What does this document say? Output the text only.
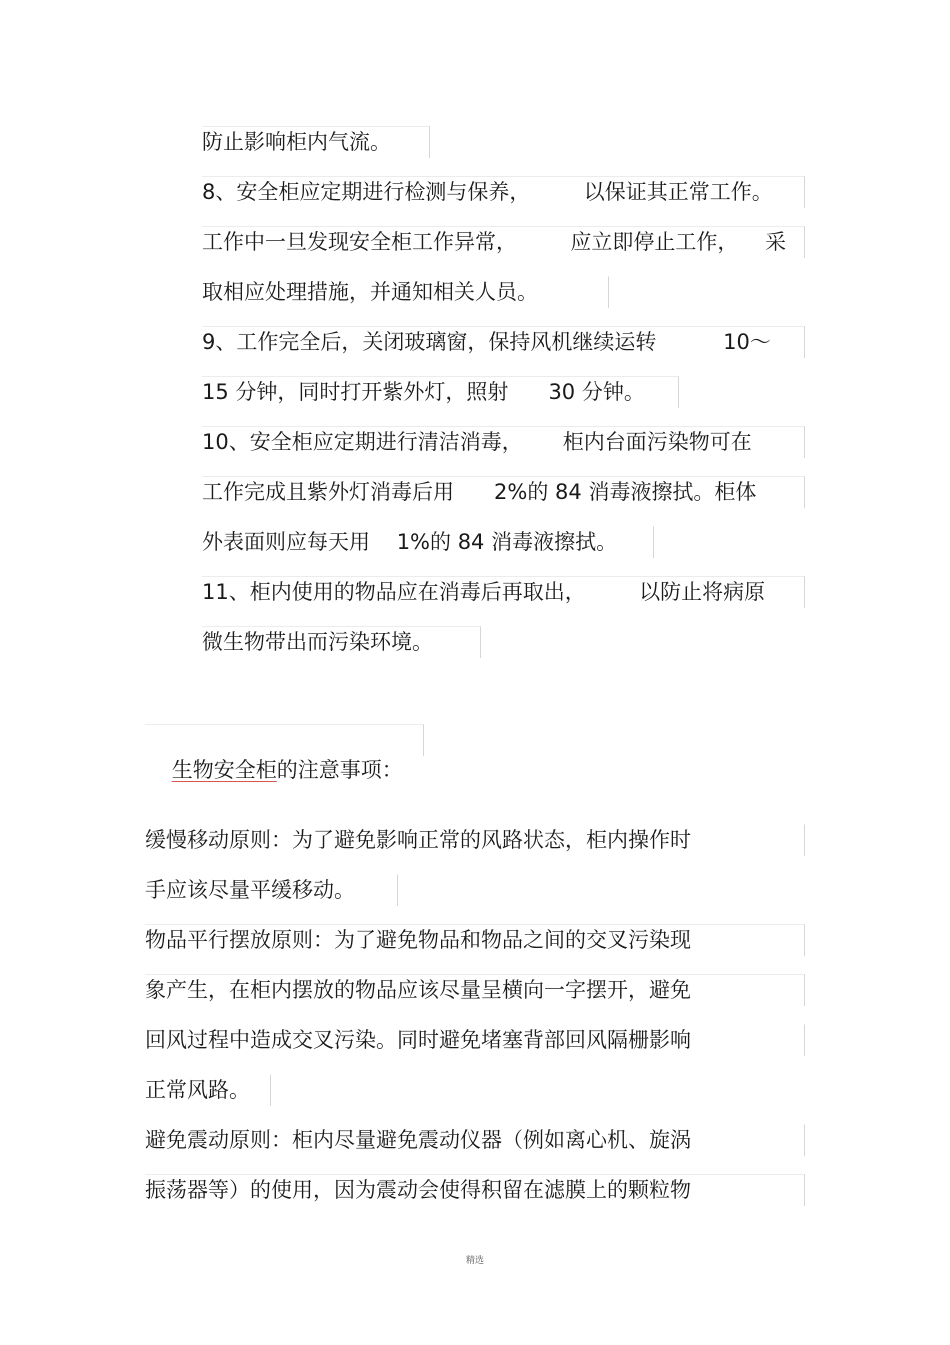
防止影响柜内气流。
8、安全柜应定期进行检测与保养，        以保证其正常工作。
工作中一旦发现安全柜工作异常，        应立即停止工作，    采
取相应处理措施，并通知相关人员。
9、工作完全后，关闭玻璃窗，保持风机继续运转          10～
15 分钟，同时打开紫外灯，照射      30 分钟。
10、安全柜应定期进行清洁消毒，      柜内台面污染物可在
工作完成且紫外灯消毒后用      2%的 84 消毒液擦拭。柜体
外表面则应每天用    1%的 84 消毒液擦拭。
11、柜内使用的物品应在消毒后再取出，        以防止将病原
微生物带出而污染环境。

生物安全柜的注意事项：

缓慢移动原则：为了避免影响正常的风路状态，柜内操作时
手应该尽量平缓移动。
物品平行摆放原则：为了避免物品和物品之间的交叉污染现
象产生，在柜内摆放的物品应该尽量呈横向一字摆开，避免
回风过程中造成交叉污染。同时避免堵塞背部回风隔栅影响
正常风路。
避免震动原则：柜内尽量避免震动仪器（例如离心机、旋涡
振荡器等）的使用，因为震动会使得积留在滤膜上的颗粒物
精选
